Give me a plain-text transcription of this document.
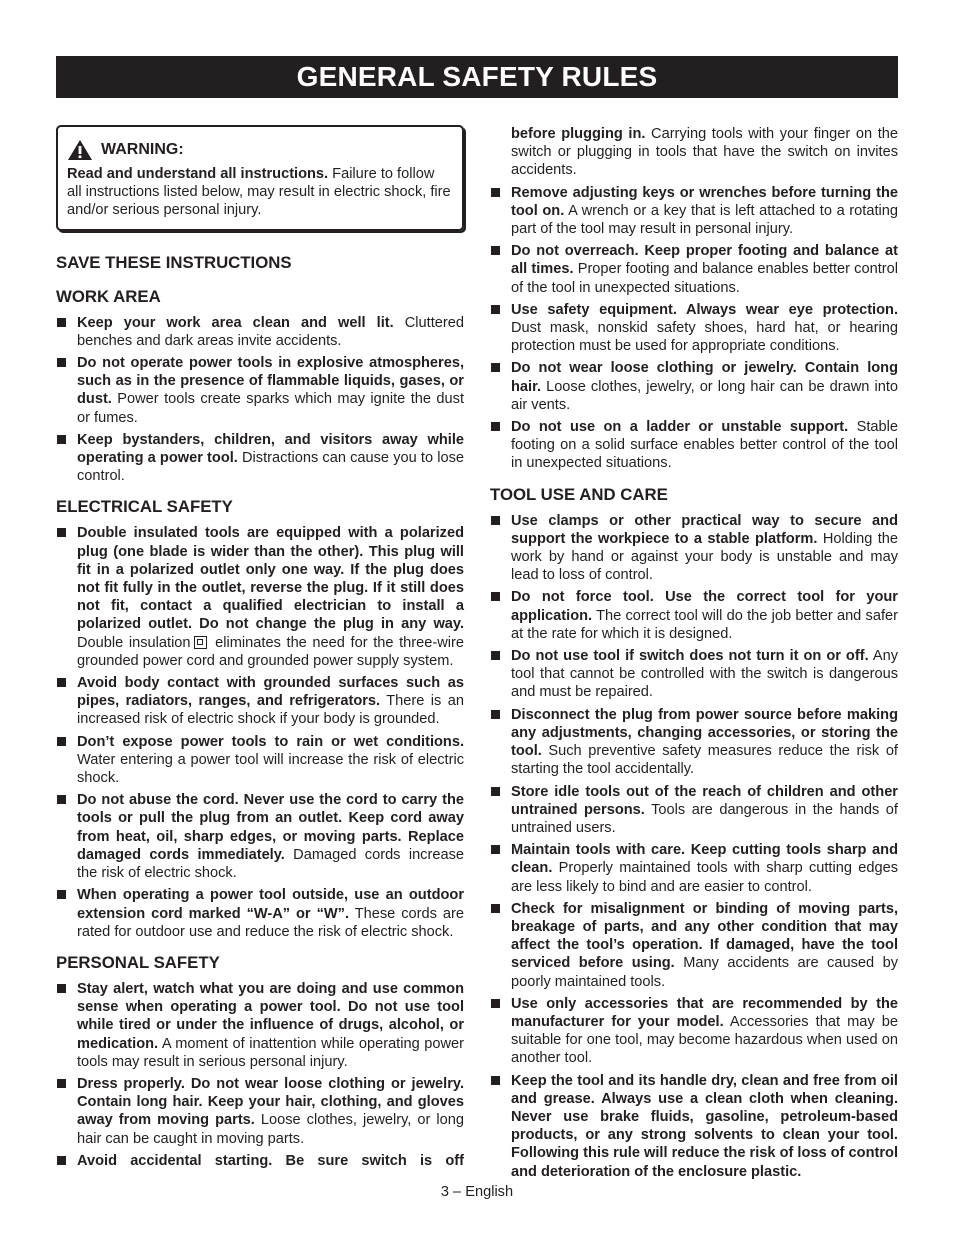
GENERAL SAFETY RULES
WARNING:
Read and understand all instructions. Failure to follow all instructions listed below, may result in electric shock, fire and/or serious personal injury.
SAVE THESE INSTRUCTIONS
WORK AREA
Keep your work area clean and well lit. Cluttered benches and dark areas invite accidents.
Do not operate power tools in explosive atmospheres, such as in the presence of flammable liquids, gases, or dust. Power tools create sparks which may ignite the dust or fumes.
Keep bystanders, children, and visitors away while operating a power tool. Distractions can cause you to lose control.
ELECTRICAL SAFETY
Double insulated tools are equipped with a polarized plug (one blade is wider than the other). This plug will fit in a polarized outlet only one way. If the plug does not fit fully in the outlet, reverse the plug. If it still does not fit, contact a qualified electrician to install a polarized outlet. Do not change the plug in any way. Double insulation eliminates the need for the three-wire grounded power cord and grounded power supply system.
Avoid body contact with grounded surfaces such as pipes, radiators, ranges, and refrigerators. There is an increased risk of electric shock if your body is grounded.
Don’t expose power tools to rain or wet conditions. Water entering a power tool will increase the risk of electric shock.
Do not abuse the cord. Never use the cord to carry the tools or pull the plug from an outlet. Keep cord away from heat, oil, sharp edges, or moving parts. Replace damaged cords immediately. Damaged cords increase the risk of electric shock.
When operating a power tool outside, use an outdoor extension cord marked “W-A” or “W”. These cords are rated for outdoor use and reduce the risk of electric shock.
PERSONAL SAFETY
Stay alert, watch what you are doing and use common sense when operating a power tool. Do not use tool while tired or under the influence of drugs, alcohol, or medication. A moment of inattention while operating power tools may result in serious personal injury.
Dress properly. Do not wear loose clothing or jewelry. Contain long hair. Keep your hair, clothing, and gloves away from moving parts. Loose clothes, jewelry, or long hair can be caught in moving parts.
Avoid accidental starting. Be sure switch is off
before plugging in. Carrying tools with your finger on the switch or plugging in tools that have the switch on invites accidents.
Remove adjusting keys or wrenches before turning the tool on. A wrench or a key that is left attached to a rotating part of the tool may result in personal injury.
Do not overreach. Keep proper footing and balance at all times. Proper footing and balance enables better control of the tool in unexpected situations.
Use safety equipment. Always wear eye protection. Dust mask, nonskid safety shoes, hard hat, or hearing protection must be used for appropriate conditions.
Do not wear loose clothing or jewelry. Contain long hair. Loose clothes, jewelry, or long hair can be drawn into air vents.
Do not use on a ladder or unstable support. Stable footing on a solid surface enables better control of the tool in unexpected situations.
TOOL USE AND CARE
Use clamps or other practical way to secure and support the workpiece to a stable platform. Holding the work by hand or against your body is unstable and may lead to loss of control.
Do not force tool. Use the correct tool for your application. The correct tool will do the job better and safer at the rate for which it is designed.
Do not use tool if switch does not turn it on or off. Any tool that cannot be controlled with the switch is dangerous and must be repaired.
Disconnect the plug from power source before making any adjustments, changing accessories, or storing the tool. Such preventive safety measures reduce the risk of starting the tool accidentally.
Store idle tools out of the reach of children and other untrained persons. Tools are dangerous in the hands of untrained users.
Maintain tools with care. Keep cutting tools sharp and clean. Properly maintained tools with sharp cutting edges are less likely to bind and are easier to control.
Check for misalignment or binding of moving parts, breakage of parts, and any other condition that may affect the tool’s operation. If damaged, have the tool serviced before using. Many accidents are caused by poorly maintained tools.
Use only accessories that are recommended by the manufacturer for your model. Accessories that may be suitable for one tool, may become hazardous when used on another tool.
Keep the tool and its handle dry, clean and free from oil and grease. Always use a clean cloth when cleaning. Never use brake fluids, gasoline, petroleum-based products, or any strong solvents to clean your tool. Following this rule will reduce the risk of loss of control and deterioration of the enclosure plastic.
3 – English
